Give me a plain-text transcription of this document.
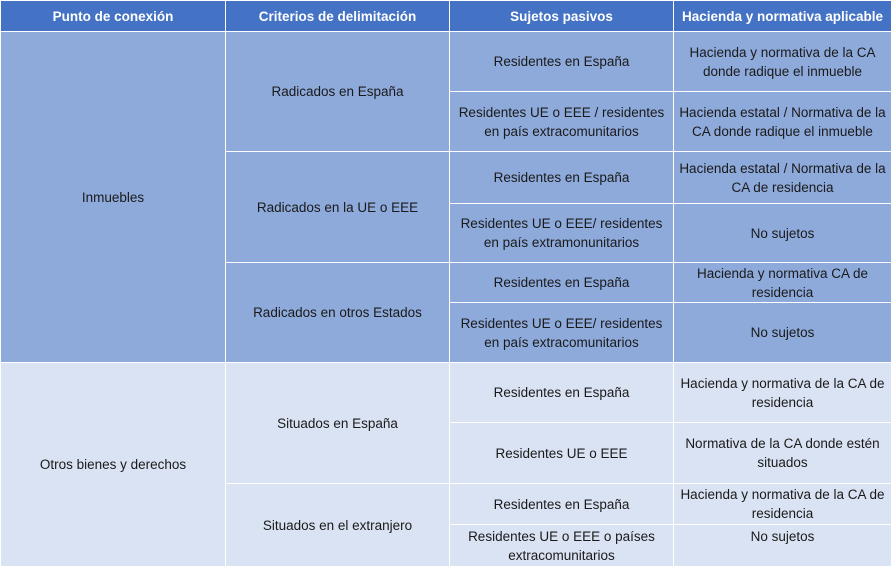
Punto de conexión	Criterios de delimitación	Sujetos pasivos	Hacienda y normativa aplicable
Inmuebles	Radicados en España	Residentes en España	Hacienda y normativa de la CA donde radique el inmueble
		Residentes UE o EEE / residentes en país extracomunitarios	Hacienda estatal / Normativa de la CA donde radique el inmueble
	Radicados en la UE o EEE	Residentes en España	Hacienda estatal / Normativa de la CA de residencia
		Residentes UE o EEE/ residentes en país extramonunitarios	No sujetos
	Radicados en otros Estados	Residentes en España	Hacienda y normativa CA de residencia
		Residentes UE o EEE/ residentes en país extracomunitarios	No sujetos
Otros bienes y derechos	Situados en España	Residentes en España	Hacienda y normativa de la CA de residencia
		Residentes UE o EEE	Normativa de la CA donde estén situados
	Situados en el extranjero	Residentes en España	Hacienda y normativa de la CA de residencia
		Residentes UE o EEE o países extracomunitarios	No sujetos
